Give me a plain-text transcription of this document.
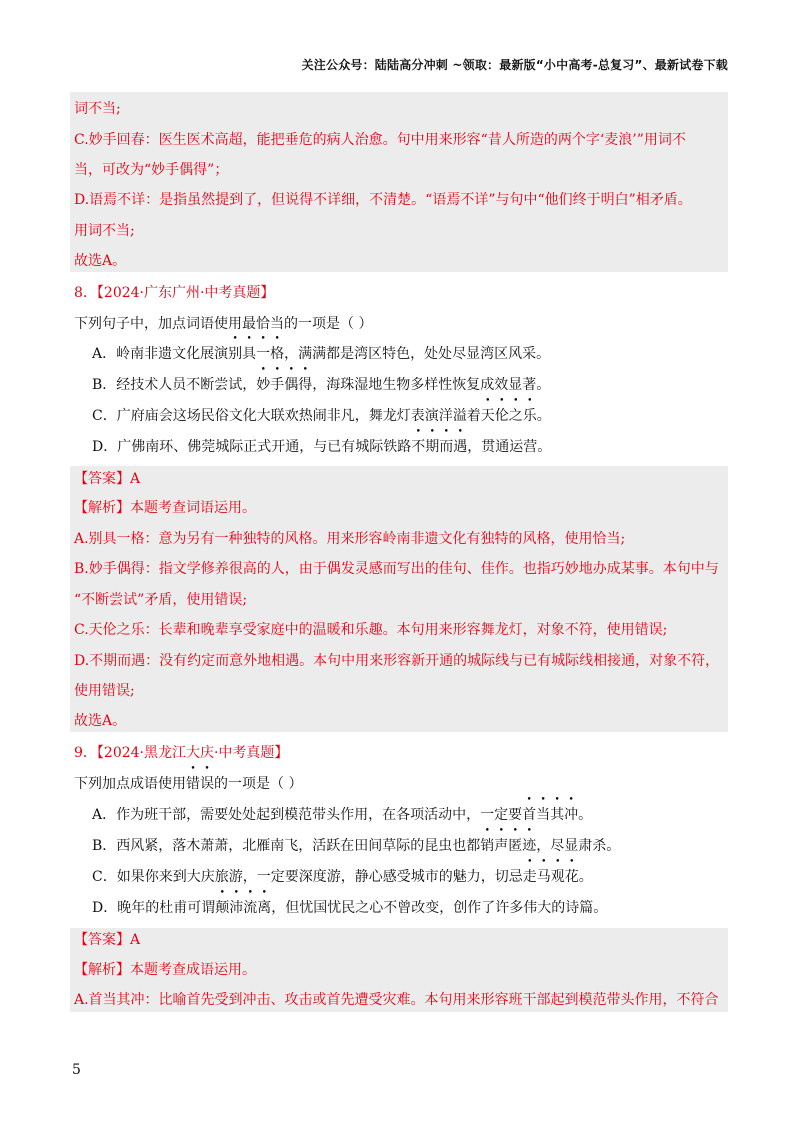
关注公众号：陆陆高分冲刺 ~领取：最新版“小中高考-总复习”、最新试卷下载
词不当;
C.妙手回春：医生医术高超，能把垂危的病人治愈。句中用来形容“昔人所造的两个字‘麦浪’”用词不
当，可改为“妙手偶得”；
D.语焉不详：是指虽然提到了，但说得不详细，不清楚。“语焉不详”与句中“他们终于明白”相矛盾。
用词不当;
故选A。
8．【2024·广东广州·中考真题】
下列句子中，加点词语使用最恰当的一项是（ ）
A．岭南非遗文化展演别具一格，满满都是湾区特色，处处尽显湾区风采。
B．经技术人员不断尝试，妙手偶得，海珠湿地生物多样性恢复成效显著。
C．广府庙会这场民俗文化大联欢热闹非凡，舞龙灯表演洋溢着天伦之乐。
D．广佛南环、佛莞城际正式开通，与已有城际铁路不期而遇，贯通运营。
【答案】A
【解析】本题考查词语运用。
A.别具一格：意为另有一种独特的风格。用来形容岭南非遗文化有独特的风格，使用恰当;
B.妙手偶得：指文学修养很高的人，由于偶发灵感而写出的佳句、佳作。也指巧妙地办成某事。本句中与
“不断尝试”矛盾，使用错误;
C.天伦之乐：长辈和晚辈享受家庭中的温暖和乐趣。本句用来形容舞龙灯，对象不符，使用错误;
D.不期而遇：没有约定而意外地相遇。本句中用来形容新开通的城际线与已有城际线相接通，对象不符，
使用错误;
故选A。
9．【2024·黑龙江大庆·中考真题】
下列加点成语使用错误的一项是（ ）
A．作为班干部，需要处处起到模范带头作用，在各项活动中，一定要首当其冲。
B．西风紧，落木萧萧，北雁南飞，活跃在田间草际的昆虫也都销声匿迹，尽显肃杀。
C．如果你来到大庆旅游，一定要深度游，静心感受城市的魅力，切忌走马观花。
D．晚年的杜甫可谓颠沛流离，但忧国忧民之心不曾改变，创作了许多伟大的诗篇。
【答案】A
【解析】本题考查成语运用。
A.首当其冲：比喻首先受到冲击、攻击或首先遭受灾难。本句用来形容班干部起到模范带头作用，不符合
5
